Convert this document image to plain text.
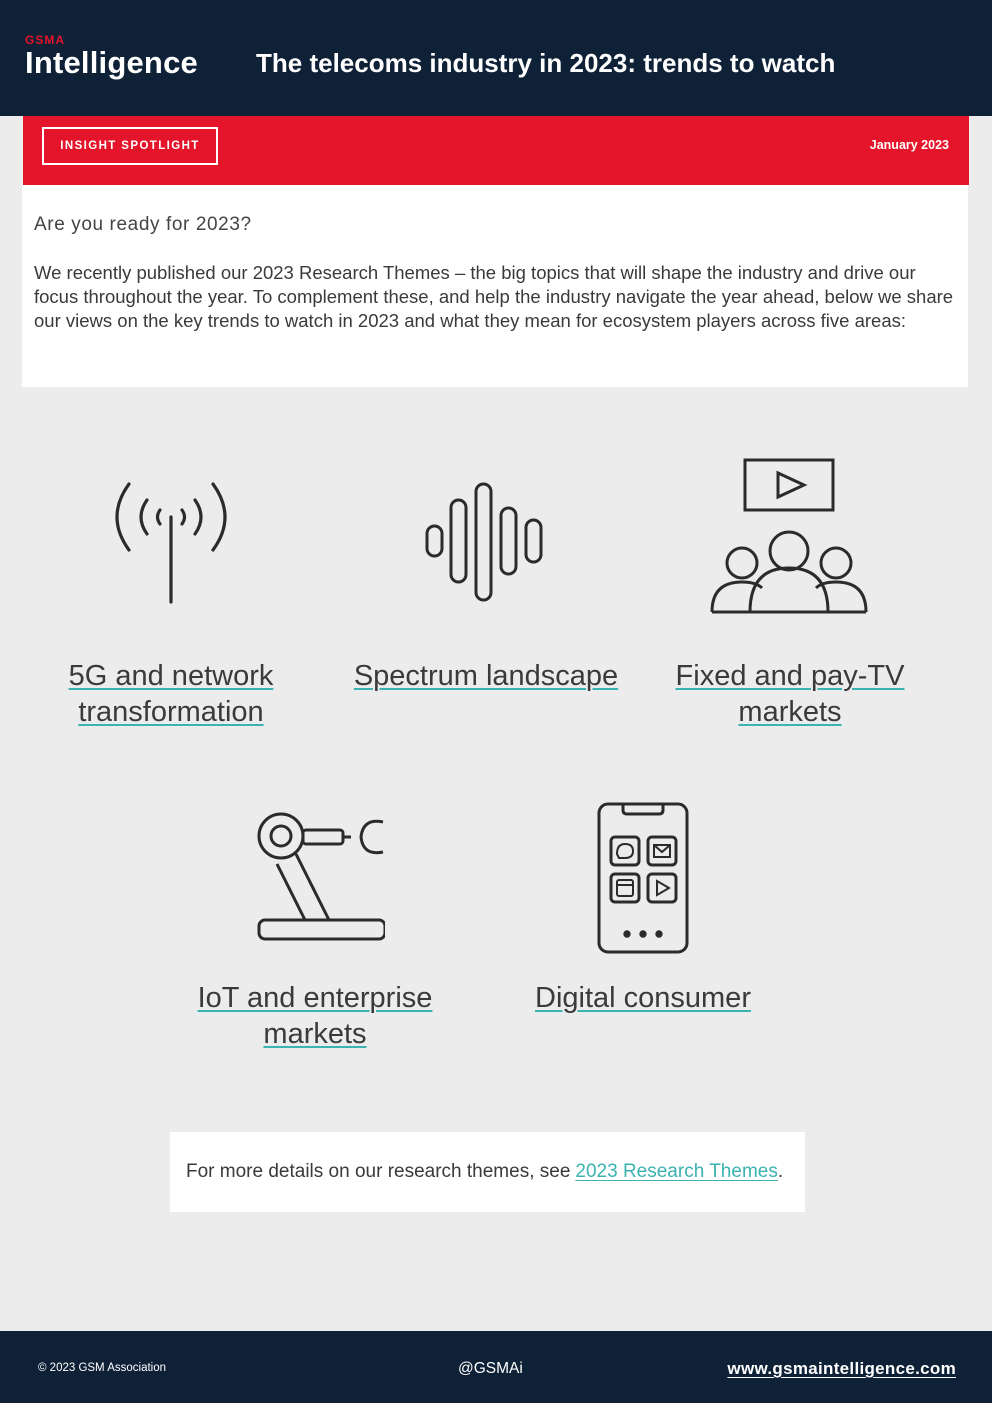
GSMA
Intelligence The telecoms industry in 2023: trends to watch
INSIGHT SPOTLIGHT	January 2023
Are you ready for 2023?
We recently published our 2023 Research Themes – the big topics that will shape the industry and drive our focus throughout the year. To complement these, and help the industry navigate the year ahead, below we share our views on the key trends to watch in 2023 and what they mean for ecosystem players across five areas:
5G and network
transformation
Spectrum landscape	Fixed and pay-TV
markets
IoT and enterprise
markets
Digital consumer
For more details on our research themes, see 2023 Research Themes .
© 2023 GSM Association	@GSMAi	www.gsmaintelligence.com
